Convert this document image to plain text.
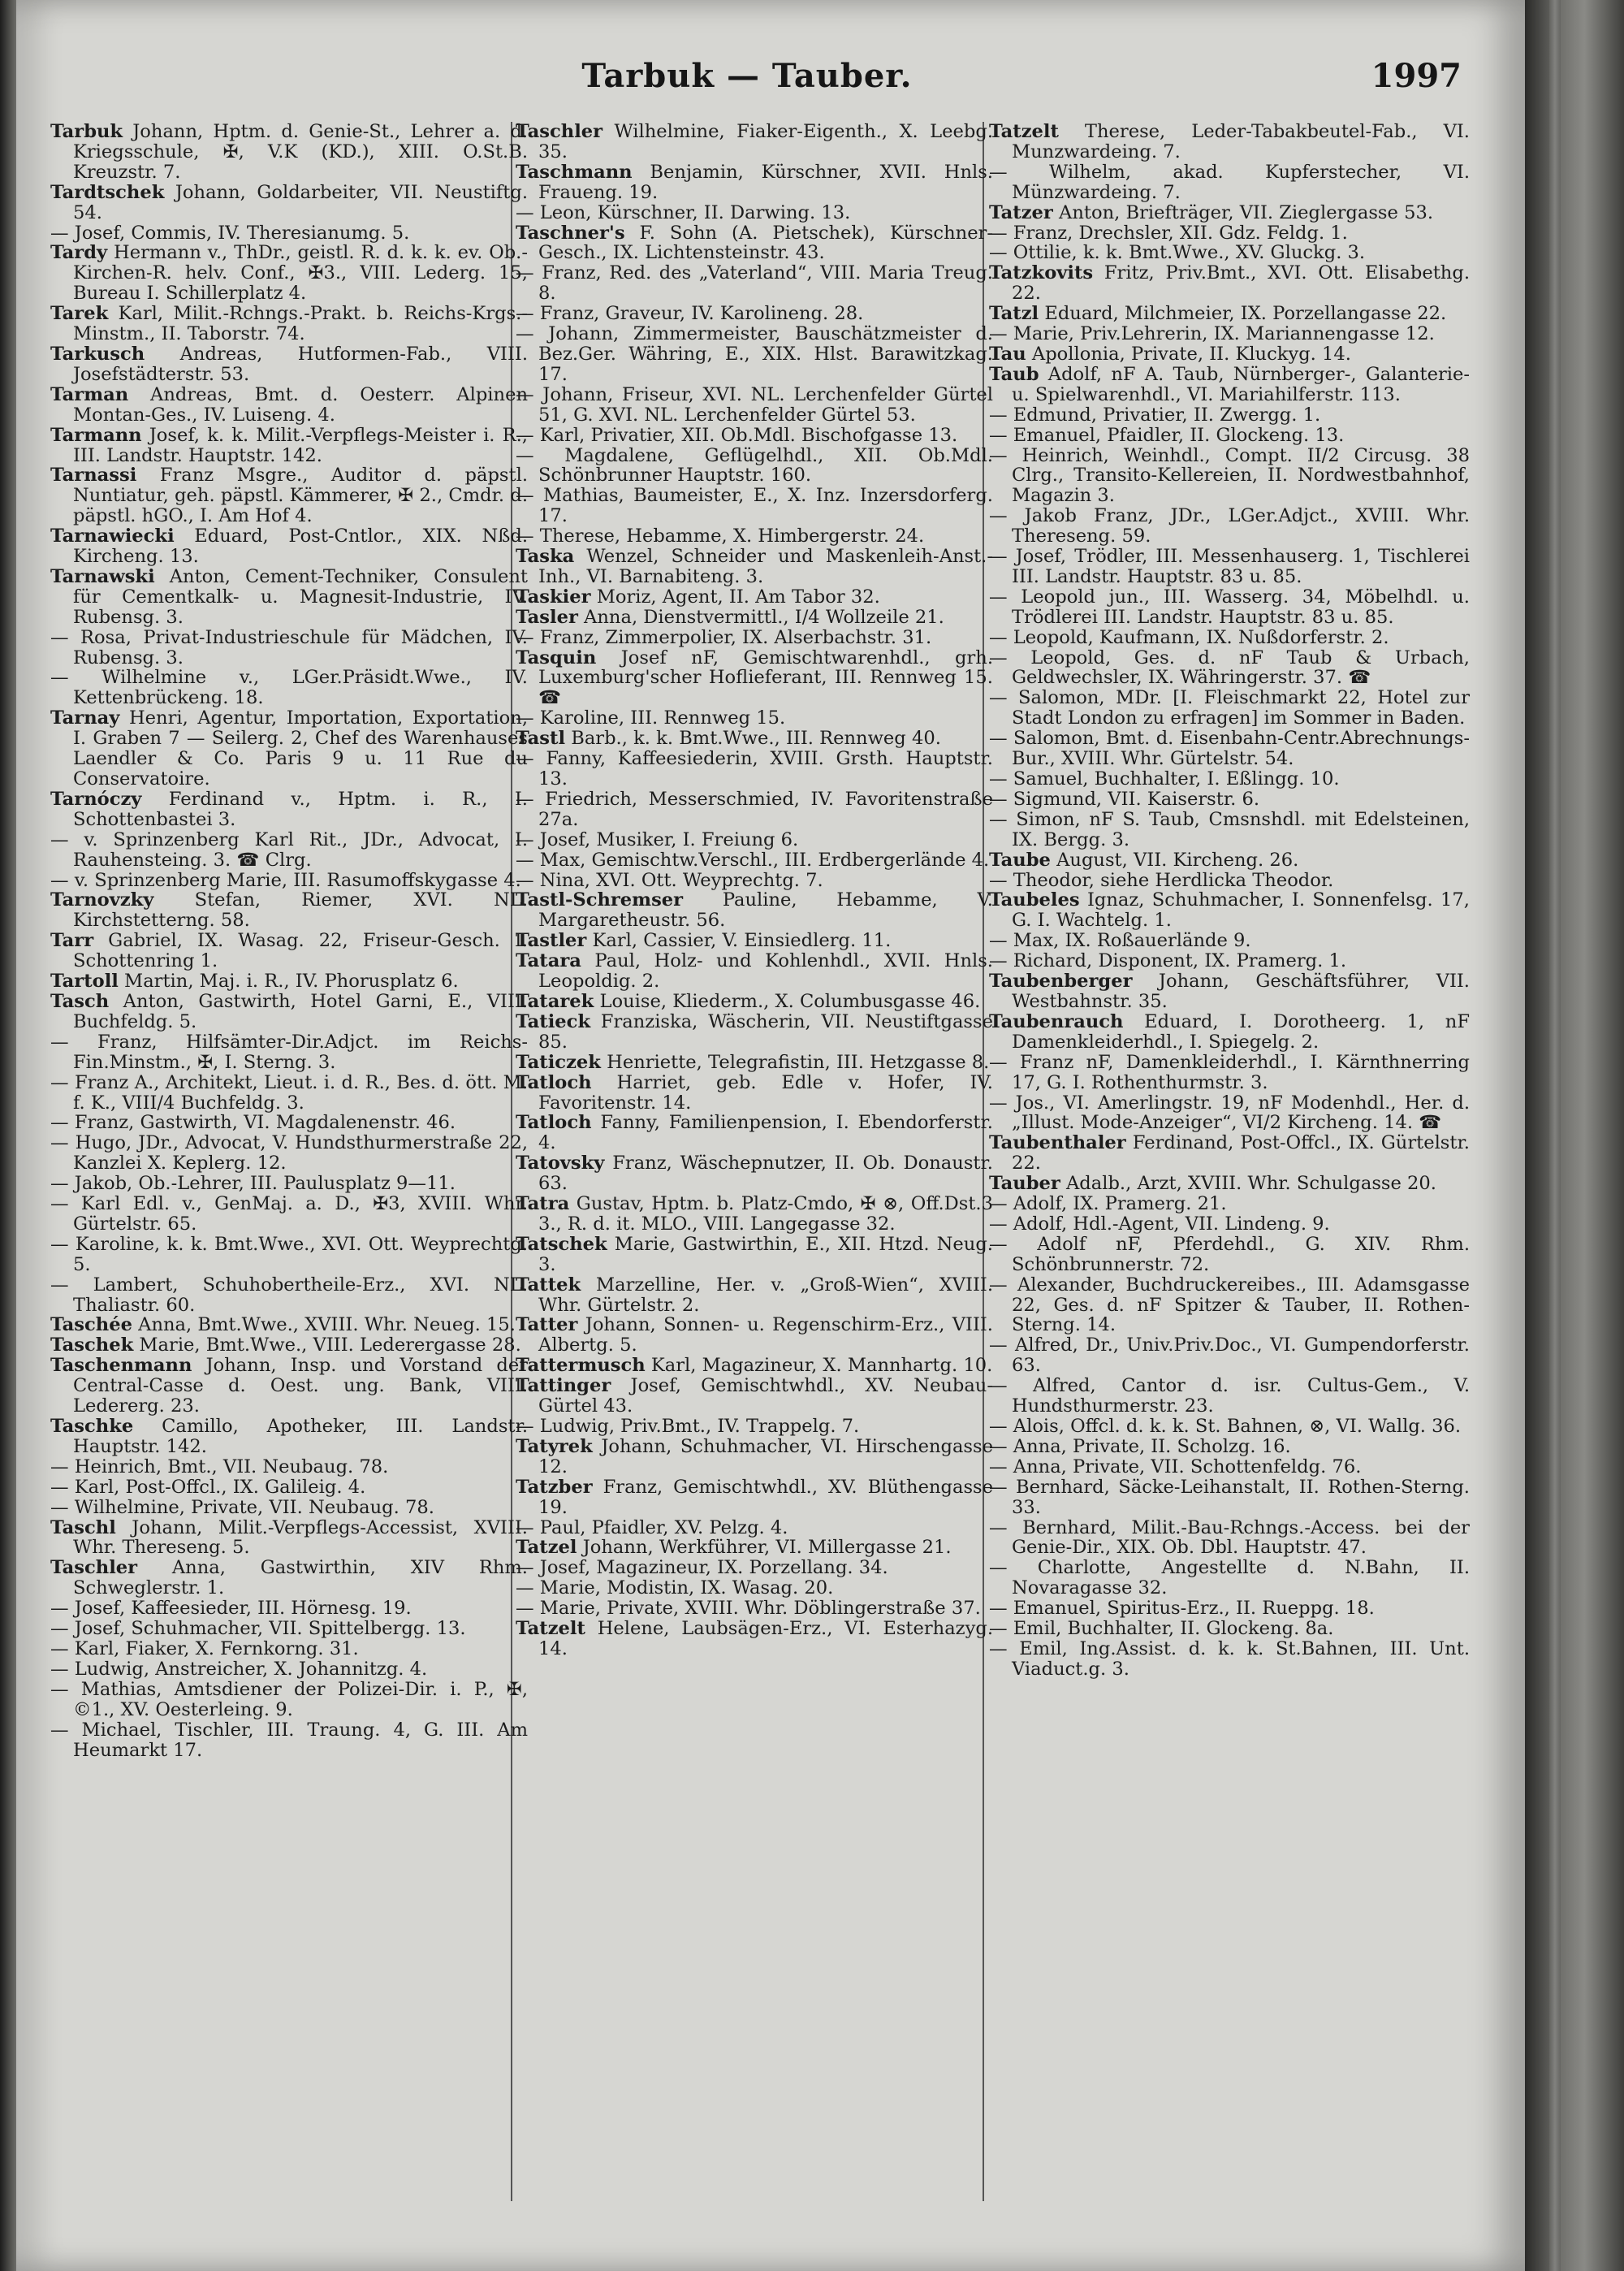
Tarbuk — Tauber.	1997

Tarbuk Johann, Hptm. d. Genie-St., Lehrer a. d. Kriegsschule, ✠, V.K (KD.), XIII. O.St.B. Kreuzstr. 7.

Tardtschek Johann, Goldarbeiter, VII. Neustiftg. 54.

— Josef, Commis, IV. Theresianumg. 5.

Tardy Hermann v., ThDr., geistl. R. d. k. k. ev. Ob.-Kirchen-R. helv. Conf., ✠3., VIII. Lederg. 15, Bureau I. Schillerplatz 4.

Tarek Karl, Milit.-Rchngs.-Prakt. b. Reichs-Krgs.-Minstm., II. Taborstr. 74.

Tarkusch Andreas, Hutformen-Fab., VIII. Josefstädterstr. 53.

Tarman Andreas, Bmt. d. Oesterr. Alpinen Montan-Ges., IV. Luiseng. 4.

Tarmann Josef, k. k. Milit.-Verpflegs-Meister i. R., III. Landstr. Hauptstr. 142.

Tarnassi Franz Msgre., Auditor d. päpstl. Nuntiatur, geh. päpstl. Kämmerer, ✠ 2., Cmdr. d. päpstl. hGO., I. Am Hof 4.

Tarnawiecki Eduard, Post-Cntlor., XIX. Nßd. Kircheng. 13.

Tarnawski Anton, Cement-Techniker, Consulent für Cementkalk- u. Magnesit-Industrie, IV. Rubensg. 3.

— Rosa, Privat-Industrieschule für Mädchen, IV. Rubensg. 3.

— Wilhelmine v., LGer.Präsidt.Wwe., IV. Kettenbrückeng. 18.

Tarnay Henri, Agentur, Importation, Exportation, I. Graben 7 — Seilerg. 2, Chef des Warenhauses Laendler & Co. Paris 9 u. 11 Rue du Conservatoire.

Tarnóczy Ferdinand v., Hptm. i. R., I. Schottenbastei 3.

— v. Sprinzenberg Karl Rit., JDr., Advocat, I. Rauhensteing. 3. ☎ Clrg.

— v. Sprinzenberg Marie, III. Rasumoffskygasse 4.

Tarnovzky Stefan, Riemer, XVI. NL. Kirchstetterng. 58.

Tarr Gabriel, IX. Wasag. 22, Friseur-Gesch. I. Schottenring 1.

Tartoll Martin, Maj. i. R., IV. Phorusplatz 6.

Tasch Anton, Gastwirth, Hotel Garni, E., VIII. Buchfeldg. 5.

— Franz, Hilfsämter-Dir.Adjct. im Reichs-Fin.Minstm., ✠, I. Sterng. 3.

— Franz A., Architekt, Lieut. i. d. R., Bes. d. ött. M. f. K., VIII/4 Buchfeldg. 3.

— Franz, Gastwirth, VI. Magdalenenstr. 46.

— Hugo, JDr., Advocat, V. Hundsthurmerstraße 22, Kanzlei X. Keplerg. 12.

— Jakob, Ob.-Lehrer, III. Paulusplatz 9—11.

— Karl Edl. v., GenMaj. a. D., ✠3, XVIII. Whr. Gürtelstr. 65.

— Karoline, k. k. Bmt.Wwe., XVI. Ott. Weyprechtg. 5.

— Lambert, Schuhobertheile-Erz., XVI. NL. Thaliastr. 60.

Taschée Anna, Bmt.Wwe., XVIII. Whr. Neueg. 15.

Taschek Marie, Bmt.Wwe., VIII. Lederergasse 28.

Taschenmann Johann, Insp. und Vorstand der Central-Casse d. Oest. ung. Bank, VIII. Ledererg. 23.

Taschke Camillo, Apotheker, III. Landstr. Hauptstr. 142.

— Heinrich, Bmt., VII. Neubaug. 78.

— Karl, Post-Offcl., IX. Galileig. 4.

— Wilhelmine, Private, VII. Neubaug. 78.

Taschl Johann, Milit.-Verpflegs-Accessist, XVIII. Whr. Thereseng. 5.

Taschler Anna, Gastwirthin, XIV Rhm. Schweglerstr. 1.

— Josef, Kaffeesieder, III. Hörnesg. 19.

— Josef, Schuhmacher, VII. Spittelbergg. 13.

— Karl, Fiaker, X. Fernkorng. 31.

— Ludwig, Anstreicher, X. Johannitzg. 4.

— Mathias, Amtsdiener der Polizei-Dir. i. P., ✠, ©1., XV. Oesterleing. 9.

— Michael, Tischler, III. Traung. 4, G. III. Am Heumarkt 17.

Taschler Wilhelmine, Fiaker-Eigenth., X. Leebg. 35.

Taschmann Benjamin, Kürschner, XVII. Hnls. Fraueng. 19.

— Leon, Kürschner, II. Darwing. 13.

Taschner's F. Sohn (A. Pietschek), Kürschner-Gesch., IX. Lichtensteinstr. 43.

— Franz, Red. des „Vaterland“, VIII. Maria Treug. 8.

— Franz, Graveur, IV. Karolineng. 28.

— Johann, Zimmermeister, Bauschätzmeister d. Bez.Ger. Währing, E., XIX. Hlst. Barawitzkag. 17.

— Johann, Friseur, XVI. NL. Lerchenfelder Gürtel 51, G. XVI. NL. Lerchenfelder Gürtel 53.

— Karl, Privatier, XII. Ob.Mdl. Bischofgasse 13.

— Magdalene, Geflügelhdl., XII. Ob.Mdl. Schönbrunner Hauptstr. 160.

— Mathias, Baumeister, E., X. Inz. Inzersdorferg. 17.

— Therese, Hebamme, X. Himbergerstr. 24.

Taska Wenzel, Schneider und Maskenleih-Anst.-Inh., VI. Barnabiteng. 3.

Taskier Moriz, Agent, II. Am Tabor 32.

Tasler Anna, Dienstvermittl., I/4 Wollzeile 21.

— Franz, Zimmerpolier, IX. Alserbachstr. 31.

Tasquin Josef nF, Gemischtwarenhdl., grh. Luxemburg'scher Hoflieferant, III. Rennweg 15. ☎

— Karoline, III. Rennweg 15.

Tastl Barb., k. k. Bmt.Wwe., III. Rennweg 40.

— Fanny, Kaffeesiederin, XVIII. Grsth. Hauptstr. 13.

— Friedrich, Messerschmied, IV. Favoritenstraße 27a.

— Josef, Musiker, I. Freiung 6.

— Max, Gemischtw.Verschl., III. Erdbergerlände 4.

— Nina, XVI. Ott. Weyprechtg. 7.

Tastl-Schremser Pauline, Hebamme, V. Margaretheustr. 56.

Tastler Karl, Cassier, V. Einsiedlerg. 11.

Tatara Paul, Holz- und Kohlenhdl., XVII. Hnls. Leopoldig. 2.

Tatarek Louise, Kliederm., X. Columbusgasse 46.

Tatieck Franziska, Wäscherin, VII. Neustiftgasse 85.

Taticzek Henriette, Telegrafistin, III. Hetzgasse 8.

Tatloch Harriet, geb. Edle v. Hofer, IV. Favoritenstr. 14.

Tatloch Fanny, Familienpension, I. Ebendorferstr. 4.

Tatovsky Franz, Wäschepnutzer, II. Ob. Donaustr. 63.

Tatra Gustav, Hptm. b. Platz-Cmdo, ✠ ⊗, Off.Dst.3 3., R. d. it. MLO., VIII. Langegasse 32.

Tatschek Marie, Gastwirthin, E., XII. Htzd. Neug. 3.

Tattek Marzelline, Her. v. „Groß-Wien“, XVIII. Whr. Gürtelstr. 2.

Tatter Johann, Sonnen- u. Regenschirm-Erz., VIII. Albertg. 5.

Tattermusch Karl, Magazineur, X. Mannhartg. 10.

Tattinger Josef, Gemischtwhdl., XV. Neubau-Gürtel 43.

— Ludwig, Priv.Bmt., IV. Trappelg. 7.

Tatyrek Johann, Schuhmacher, VI. Hirschengasse 12.

Tatzber Franz, Gemischtwhdl., XV. Blüthengasse 19.

— Paul, Pfaidler, XV. Pelzg. 4.

Tatzel Johann, Werkführer, VI. Millergasse 21.

— Josef, Magazineur, IX. Porzellang. 34.

— Marie, Modistin, IX. Wasag. 20.

— Marie, Private, XVIII. Whr. Döblingerstraße 37.

Tatzelt Helene, Laubsägen-Erz., VI. Esterhazyg. 14.

Tatzelt Therese, Leder-Tabakbeutel-Fab., VI. Munzwardeing. 7.

— Wilhelm, akad. Kupferstecher, VI. Münzwardeing. 7.

Tatzer Anton, Briefträger, VII. Zieglergasse 53.

— Franz, Drechsler, XII. Gdz. Feldg. 1.

— Ottilie, k. k. Bmt.Wwe., XV. Gluckg. 3.

Tatzkovits Fritz, Priv.Bmt., XVI. Ott. Elisabethg. 22.

Tatzl Eduard, Milchmeier, IX. Porzellangasse 22.

— Marie, Priv.Lehrerin, IX. Mariannengasse 12.

Tau Apollonia, Private, II. Kluckyg. 14.

Taub Adolf, nF A. Taub, Nürnberger-, Galanterie- u. Spielwarenhdl., VI. Mariahilferstr. 113.

— Edmund, Privatier, II. Zwergg. 1.

— Emanuel, Pfaidler, II. Glockeng. 13.

— Heinrich, Weinhdl., Compt. II/2 Circusg. 38 Clrg., Transito-Kellereien, II. Nordwestbahnhof, Magazin 3.

— Jakob Franz, JDr., LGer.Adjct., XVIII. Whr. Thereseng. 59.

— Josef, Trödler, III. Messenhauserg. 1, Tischlerei III. Landstr. Hauptstr. 83 u. 85.

— Leopold jun., III. Wasserg. 34, Möbelhdl. u. Trödlerei III. Landstr. Hauptstr. 83 u. 85.

— Leopold, Kaufmann, IX. Nußdorferstr. 2.

— Leopold, Ges. d. nF Taub & Urbach, Geldwechsler, IX. Währingerstr. 37. ☎

— Salomon, MDr. [I. Fleischmarkt 22, Hotel zur Stadt London zu erfragen] im Sommer in Baden.

— Salomon, Bmt. d. Eisenbahn-Centr.Abrechnungs-Bur., XVIII. Whr. Gürtelstr. 54.

— Samuel, Buchhalter, I. Eßlingg. 10.

— Sigmund, VII. Kaiserstr. 6.

— Simon, nF S. Taub, Cmsnshdl. mit Edelsteinen, IX. Bergg. 3.

Taube August, VII. Kircheng. 26.

— Theodor, siehe Herdlicka Theodor.

Taubeles Ignaz, Schuhmacher, I. Sonnenfelsg. 17, G. I. Wachtelg. 1.

— Max, IX. Roßauerlände 9.

— Richard, Disponent, IX. Pramerg. 1.

Taubenberger Johann, Geschäftsführer, VII. Westbahnstr. 35.

Taubenrauch Eduard, I. Dorotheerg. 1, nF Damenkleiderhdl., I. Spiegelg. 2.

— Franz nF, Damenkleiderhdl., I. Kärnthnerring 17, G. I. Rothenthurmstr. 3.

— Jos., VI. Amerlingstr. 19, nF Modenhdl., Her. d. „Illust. Mode-Anzeiger“, VI/2 Kircheng. 14. ☎

Taubenthaler Ferdinand, Post-Offcl., IX. Gürtelstr. 22.

Tauber Adalb., Arzt, XVIII. Whr. Schulgasse 20.

— Adolf, IX. Pramerg. 21.

— Adolf, Hdl.-Agent, VII. Lindeng. 9.

— Adolf nF, Pferdehdl., G. XIV. Rhm. Schönbrunnerstr. 72.

— Alexander, Buchdruckereibes., III. Adamsgasse 22, Ges. d. nF Spitzer & Tauber, II. Rothen-Sterng. 14.

— Alfred, Dr., Univ.Priv.Doc., VI. Gumpendorferstr. 63.

— Alfred, Cantor d. isr. Cultus-Gem., V. Hundsthurmerstr. 23.

— Alois, Offcl. d. k. k. St. Bahnen, ⊗, VI. Wallg. 36.

— Anna, Private, II. Scholzg. 16.

— Anna, Private, VII. Schottenfeldg. 76.

— Bernhard, Säcke-Leihanstalt, II. Rothen-Sterng. 33.

— Bernhard, Milit.-Bau-Rchngs.-Access. bei der Genie-Dir., XIX. Ob. Dbl. Hauptstr. 47.

— Charlotte, Angestellte d. N.Bahn, II. Novaragasse 32.

— Emanuel, Spiritus-Erz., II. Rueppg. 18.

— Emil, Buchhalter, II. Glockeng. 8a.

— Emil, Ing.Assist. d. k. k. St.Bahnen, III. Unt. Viaduct.g. 3.
